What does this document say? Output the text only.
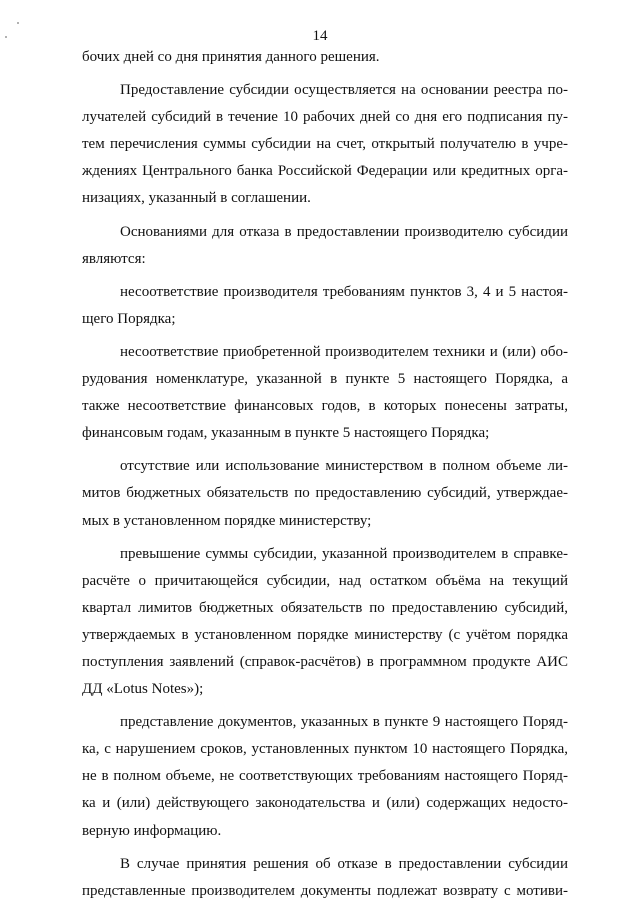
14
бочих дней со дня принятия данного решения.
Предоставление субсидии осуществляется на основании реестра по-
лучателей субсидий в течение 10 рабочих дней со дня его подписания пу-
тем перечисления суммы субсидии на счет, открытый получателю в учре-
ждениях Центрального банка Российской Федерации или кредитных орга-
низациях, указанный в соглашении.
Основаниями для отказа в предоставлении производителю субсидии
являются:
несоответствие производителя требованиям пунктов 3, 4 и 5 настоя-
щего Порядка;
несоответствие приобретенной производителем техники и (или) обо-
рудования номенклатуре, указанной в пункте 5 настоящего Порядка, а
также несоответствие финансовых годов, в которых понесены затраты,
финансовым годам, указанным в пункте 5 настоящего Порядка;
отсутствие или использование министерством в полном объеме ли-
митов бюджетных обязательств по предоставлению субсидий, утверждае-
мых в установленном порядке министерству;
превышение суммы субсидии, указанной производителем в справке-
расчёте о причитающейся субсидии, над остатком объёма на текущий
квартал лимитов бюджетных обязательств по предоставлению субсидий,
утверждаемых в установленном порядке министерству (с учётом порядка
поступления заявлений (справок-расчётов) в программном продукте АИС
ДД «Lotus Notes»);
представление документов, указанных в пункте 9 настоящего Поряд-
ка, с нарушением сроков, установленных пунктом 10 настоящего Порядка,
не в полном объеме, не соответствующих требованиям настоящего Поряд-
ка и (или) действующего законодательства и (или) содержащих недосто-
верную информацию.
В случае принятия решения об отказе в предоставлении субсидии
представленные производителем документы подлежат возврату с мотиви-
